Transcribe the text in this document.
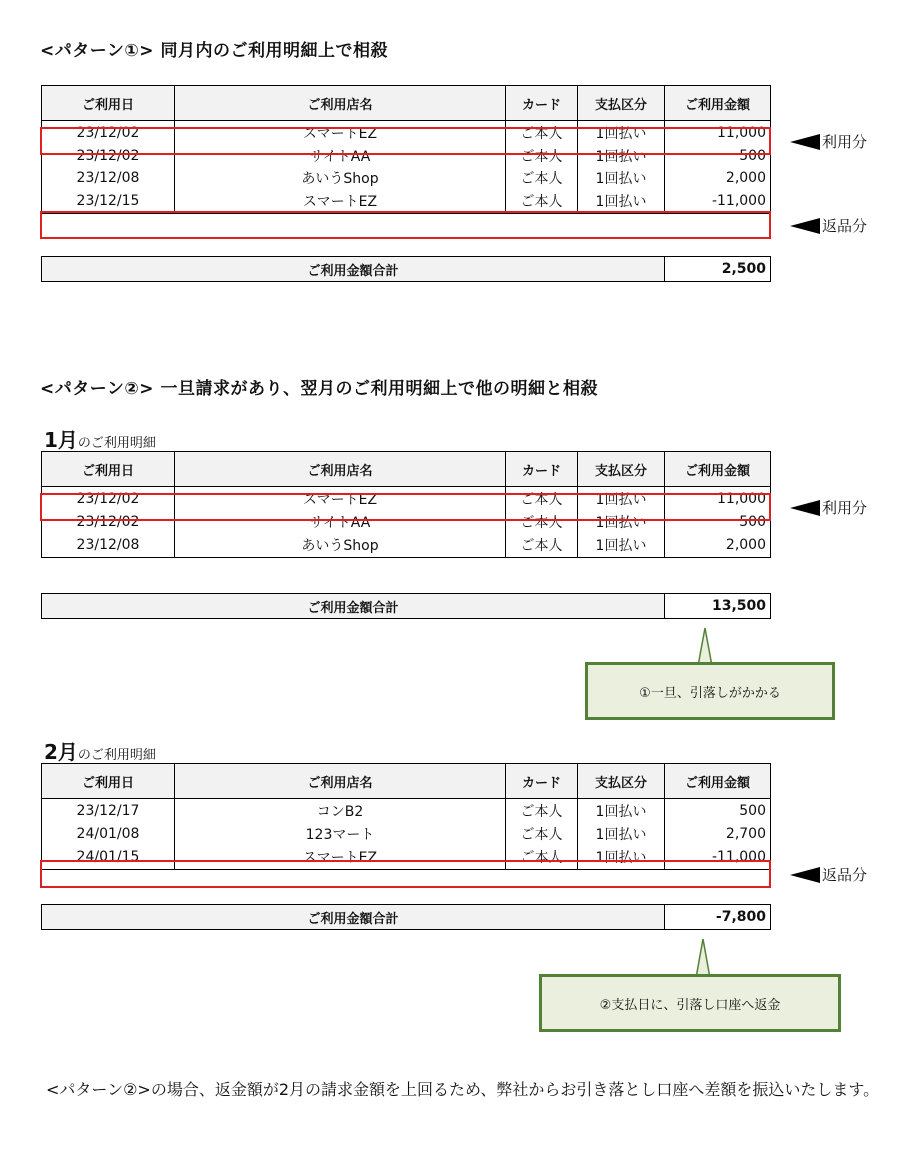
<パターン①> 同月内のご利用明細上で相殺
ご利用日	ご利用店名	カード	支払区分	ご利用金額
23/12/02	スマートEZ	ご本人	1回払い	11,000
23/12/02	サイトAA	ご本人	1回払い	500
23/12/08	あいうShop	ご本人	1回払い	2,000
23/12/15	スマートEZ	ご本人	1回払い	-11,000
利用分
返品分
ご利用金額合計	2,500
<パターン②> 一旦請求があり、翌月のご利用明細上で他の明細と相殺
1月のご利用明細
ご利用日	ご利用店名	カード	支払区分	ご利用金額
23/12/02	スマートEZ	ご本人	1回払い	11,000
23/12/02	サイトAA	ご本人	1回払い	500
23/12/08	あいうShop	ご本人	1回払い	2,000
利用分
ご利用金額合計	13,500
①一旦、引落しがかかる
2月のご利用明細
ご利用日	ご利用店名	カード	支払区分	ご利用金額
23/12/17	コンB2	ご本人	1回払い	500
24/01/08	123マート	ご本人	1回払い	2,700
24/01/15	スマートEZ	ご本人	1回払い	-11,000
返品分
ご利用金額合計	-7,800
②支払日に、引落し口座へ返金
<パターン②>の場合、返金額が2月の請求金額を上回るため、弊社からお引き落とし口座へ差額を振込いたします。
